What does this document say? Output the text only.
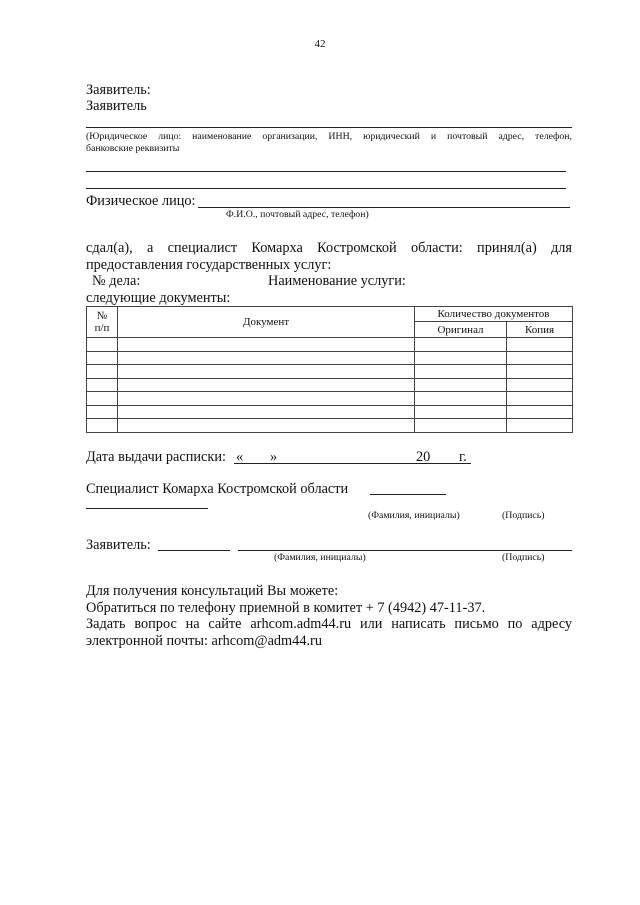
42
Заявитель:
Заявитель
(Юридическое лицо: наименование организации, ИНН, юридический и почтовый адрес, телефон,
банковские реквизиты
Физическое лицо:
Ф.И.О., почтовый адрес, телефон)
сдал(а), а специалист Комарха Костромской области: принял(а) для
предоставления государственных услуг:
№ дела:	Наименование услуги:
следующие документы:
№
п/п	Документ	Количество документов	
		Оригинал	Копия

Дата выдачи расписки: « »	20 г.
Специалист Комарха Костромской области
(Фамилия, инициалы)	(Подпись)
Заявитель:
(Фамилия, инициалы)	(Подпись)
Для получения консультаций Вы можете:
Обратиться по телефону приемной в комитет + 7 (4942) 47-11-37.
Задать вопрос на сайте arhcom.adm44.ru или написать письмо по адресу
электронной почты: arhcom@adm44.ru
